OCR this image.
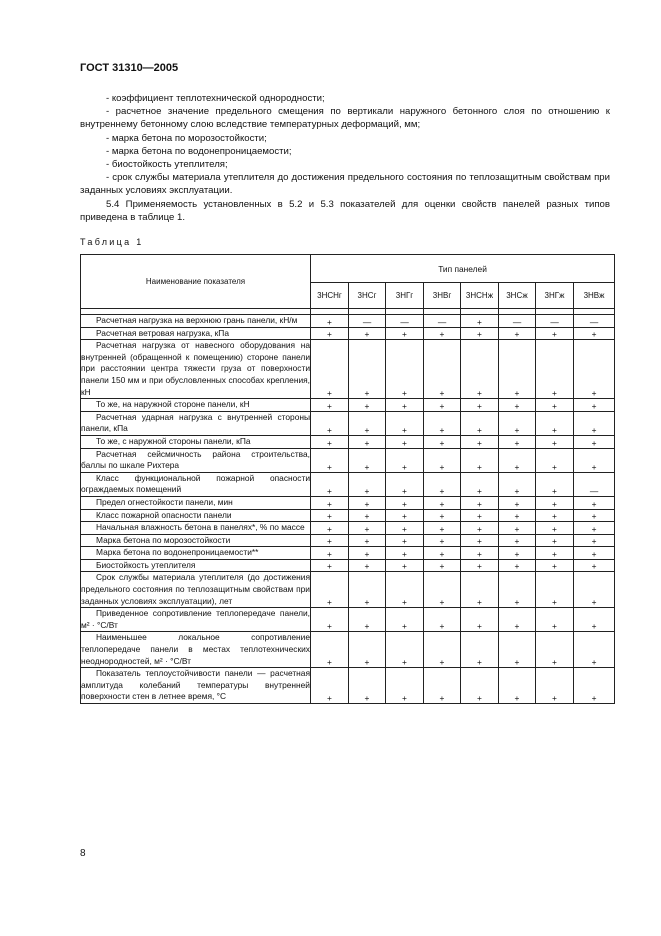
ГОСТ 31310—2005

- коэффициент теплотехнической однородности;

- расчетное значение предельного смещения по вертикали наружного бетонного слоя по отношению к внутреннему бетонному слою вследствие температурных деформаций, мм;

- марка бетона по морозостойкости;

- марка бетона по водонепроницаемости;

- биостойкость утеплителя;

- срок службы материала утеплителя до достижения предельного состояния по теплозащитным свойствам при заданных условиях эксплуатации.

5.4 Применяемость установленных в 5.2 и 5.3 показателей для оценки свойств панелей разных типов приведена в таблице 1.

Таблица 1
Наименование показателя	Тип панелей							
	3НСНг	3НСг	3НГг	3НВг	3НСНж	3НСж	3НГж	3НВж

Расчетная нагрузка на верхнюю грань панели, кН/м	+	—	—	—	+	—	—	—

Расчетная ветровая нагрузка, кПа	+	+	+	+	+	+	+	+

Расчетная нагрузка от навесного оборудования на внутренней (обращенной к помещению) стороне панели при расстоянии центра тяжести груза от поверхности панели 150 мм и при обусловленных способах крепления, кН	+	+	+	+	+	+	+	+

То же, на наружной стороне панели, кН	+	+	+	+	+	+	+	+

Расчетная ударная нагрузка с внутренней стороны панели, кПа	+	+	+	+	+	+	+	+

То же, с наружной стороны панели, кПа	+	+	+	+	+	+	+	+

Расчетная сейсмичность района строительства, баллы по шкале Рихтера	+	+	+	+	+	+	+	+

Класс функциональной пожарной опасности ограждаемых помещений	+	+	+	+	+	+	+	—

Предел огнестойкости панели, мин	+	+	+	+	+	+	+	+

Класс пожарной опасности панели	+	+	+	+	+	+	+	+

Начальная влажность бетона в панелях*, % по массе	+	+	+	+	+	+	+	+

Марка бетона по морозостойкости	+	+	+	+	+	+	+	+

Марка бетона по водонепроницаемости**	+	+	+	+	+	+	+	+

Биостойкость утеплителя	+	+	+	+	+	+	+	+

Срок службы материала утеплителя (до достижения предельного состояния по теплозащитным свойствам при заданных условиях эксплуатации), лет	+	+	+	+	+	+	+	+

Приведенное сопротивление теплопередаче панели, м² · °С/Вт	+	+	+	+	+	+	+	+

Наименьшее локальное сопротивление теплопередаче панели в местах теплотехнических неоднородностей, м² · °С/Вт	+	+	+	+	+	+	+	+

Показатель теплоустойчивости панели — расчетная амплитуда колебаний температуры внутренней поверхности стен в летнее время, °С	+	+	+	+	+	+	+	+
8
